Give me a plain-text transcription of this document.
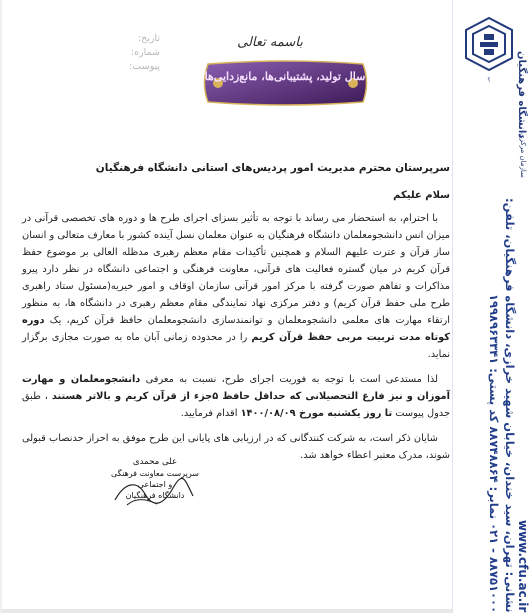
؟	دانشگاه فرهنگیان
سازمان مرکزی
نشانی: تهران، سید خندان، خیابان شهید خرازی، دانشگاه فرهنگیان، تلفن: ۸۸۷۵۱۰۰۰ - ۰۲۱ نمابر: ۸۸۷۴۸۸۶۴ کد پستی: ۱۹۹۸۹۶۳۳۴۱	www.cfu.ac.ir
تاریخ:
شماره:
پیوست:
باسمه تعالی
سال تولید، پشتیبانی‌ها، مانع‌زدایی‌ها
سرپرستان محترم مدیریت امور پردیس‌های استانی دانشگاه فرهنگیان
سلام علیکم
با احترام، به استحضار می رساند با توجه به تأثیر بسزای اجرای طرح ها و دوره های تخصصی قرآنی در میزان انس دانشجومعلمان دانشگاه فرهنگیان به عنوان معلمان نسل آینده کشور با معارف متعالی و انسان ساز قرآن و عترت علیهم السلام و همچنین تأکیدات مقام معظم رهبری مدظله العالی بر موضوع حفظ قرآن کریم در میان گستره فعالیت های قرآنی، معاونت فرهنگی و اجتماعی دانشگاه در نظر دارد پیرو مذاکرات و تفاهم صورت گرفته با مرکز امور قرآنی سازمان اوقاف و امور خیریه(مسئول ستاد راهبری طرح ملی حفظ قرآن کریم) و دفتر مرکزی نهاد نمایندگی مقام معظم رهبری در دانشگاه ها، به منظور ارتقاء مهارت های معلمی دانشجومعلمان و توانمندسازی دانشجومعلمان حافظ قرآن کریم، یک دوره کوتاه مدت تربیت مربی حفظ قرآن کریم را در محدوده زمانی آبان ماه به صورت مجازی برگزار نماید.
لذا مستدعی است با توجه به فوریت اجرای طرح، نسبت به معرفی دانشجومعلمان و مهارت آموزان و نیز فارغ التحصیلانی که حداقل حافظ ۵جزء از قرآن کریم و بالاتر هستند ، طبق جدول پیوست تا روز یکشنبه مورخ ۱۴۰۰/۰۸/۰۹ اقدام فرمایید.
شایان ذکر است، به شرکت کنندگانی که در ارزیابی های پایانی این طرح موفق به احراز حدنصاب قبولی شوند، مدرک معتبر اعطاء خواهد شد.
علی محمدی
سرپرست معاونت فرهنگی و اجتماعی
دانشگاه فرهنگیان
